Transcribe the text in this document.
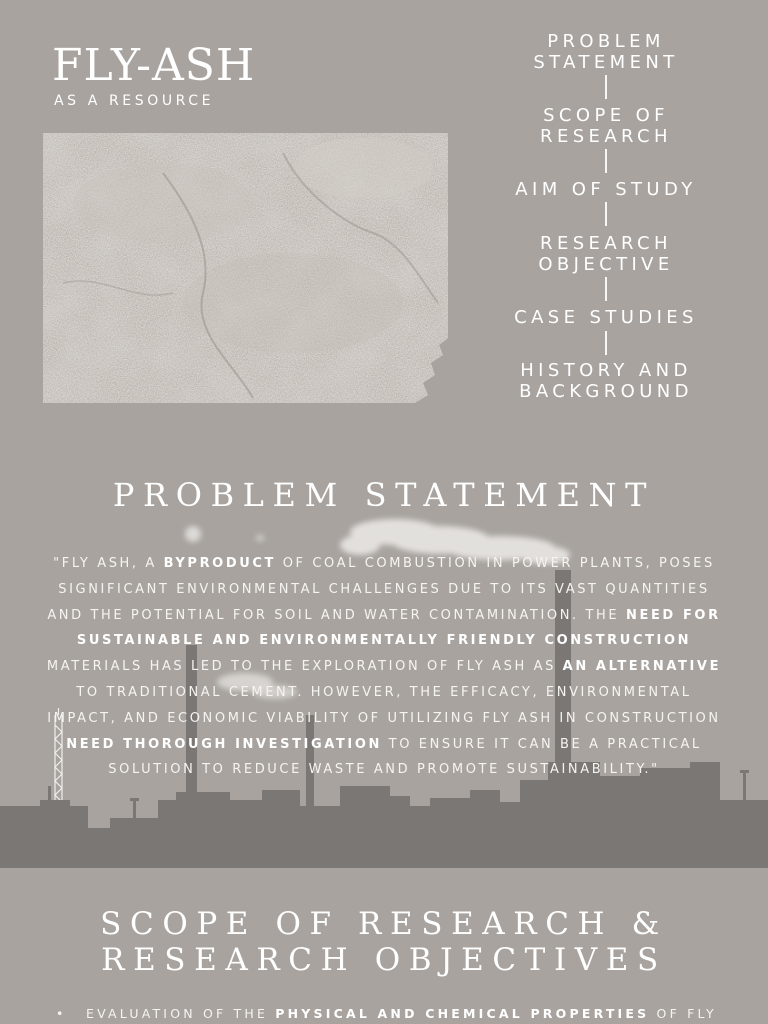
FLY-ASH
AS A RESOURCE
PROBLEM
STATEMENT
SCOPE OF
RESEARCH
AIM OF STUDY
RESEARCH
OBJECTIVE
CASE STUDIES
HISTORY AND
BACKGROUND
PROBLEM STATEMENT
"FLY ASH, A BYPRODUCT OF COAL COMBUSTION IN POWER PLANTS, POSES SIGNIFICANT ENVIRONMENTAL CHALLENGES DUE TO ITS VAST QUANTITIES AND THE POTENTIAL FOR SOIL AND WATER CONTAMINATION. THE NEED FOR SUSTAINABLE AND ENVIRONMENTALLY FRIENDLY CONSTRUCTION MATERIALS HAS LED TO THE EXPLORATION OF FLY ASH AS AN ALTERNATIVE TO TRADITIONAL CEMENT. HOWEVER, THE EFFICACY, ENVIRONMENTAL IMPACT, AND ECONOMIC VIABILITY OF UTILIZING FLY ASH IN CONSTRUCTION NEED THOROUGH INVESTIGATION TO ENSURE IT CAN BE A PRACTICAL SOLUTION TO REDUCE WASTE AND PROMOTE SUSTAINABILITY."
SCOPE OF RESEARCH &
RESEARCH OBJECTIVES
• EVALUATION OF THE PHYSICAL AND CHEMICAL PROPERTIES OF FLY
